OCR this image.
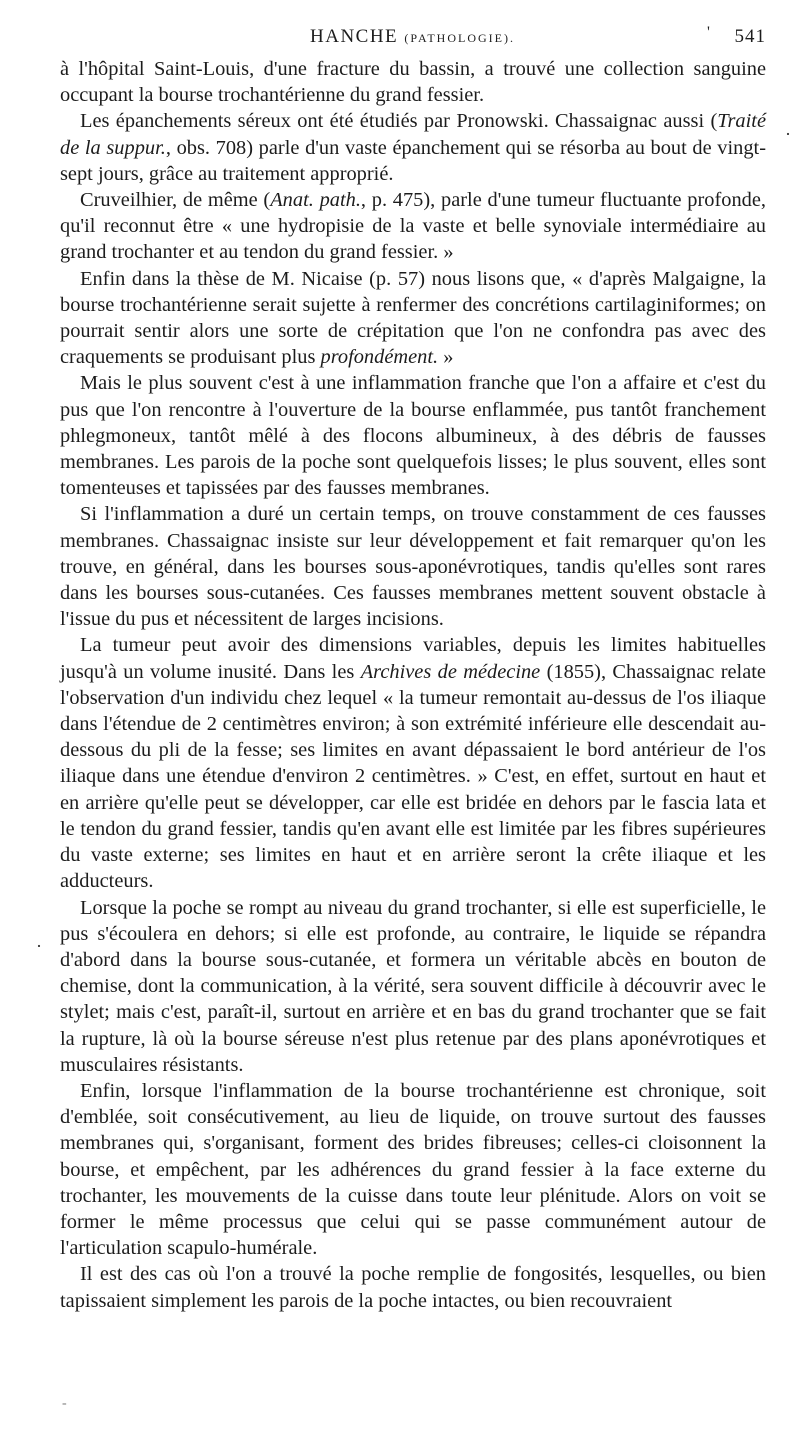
HANCHE (PATHOLOGIE).	' 541

à l'hôpital Saint-Louis, d'une fracture du bassin, a trouvé une collection sanguine occupant la bourse trochantérienne du grand fessier.

Les épanchements séreux ont été étudiés par Pronowski. Chassaignac aussi (Traité de la suppur., obs. 708) parle d'un vaste épanchement qui se résorba au bout de vingt-sept jours, grâce au traitement approprié.

Cruveilhier, de même (Anat. path., p. 475), parle d'une tumeur fluctuante profonde, qu'il reconnut être « une hydropisie de la vaste et belle synoviale intermédiaire au grand trochanter et au tendon du grand fessier. »

Enfin dans la thèse de M. Nicaise (p. 57) nous lisons que, « d'après Malgaigne, la bourse trochantérienne serait sujette à renfermer des concrétions cartilaginiformes; on pourrait sentir alors une sorte de crépitation que l'on ne confondra pas avec des craquements se produisant plus profondément. »

Mais le plus souvent c'est à une inflammation franche que l'on a affaire et c'est du pus que l'on rencontre à l'ouverture de la bourse enflammée, pus tantôt franchement phlegmoneux, tantôt mêlé à des flocons albumineux, à des débris de fausses membranes. Les parois de la poche sont quelquefois lisses; le plus souvent, elles sont tomenteuses et tapissées par des fausses membranes.

Si l'inflammation a duré un certain temps, on trouve constamment de ces fausses membranes. Chassaignac insiste sur leur développement et fait remarquer qu'on les trouve, en général, dans les bourses sous-aponévrotiques, tandis qu'elles sont rares dans les bourses sous-cutanées. Ces fausses membranes mettent souvent obstacle à l'issue du pus et nécessitent de larges incisions.

La tumeur peut avoir des dimensions variables, depuis les limites habituelles jusqu'à un volume inusité. Dans les Archives de médecine (1855), Chassaignac relate l'observation d'un individu chez lequel « la tumeur remontait au-dessus de l'os iliaque dans l'étendue de 2 centimètres environ; à son extrémité inférieure elle descendait au-dessous du pli de la fesse; ses limites en avant dépassaient le bord antérieur de l'os iliaque dans une étendue d'environ 2 centimètres. » C'est, en effet, surtout en haut et en arrière qu'elle peut se développer, car elle est bridée en dehors par le fascia lata et le tendon du grand fessier, tandis qu'en avant elle est limitée par les fibres supérieures du vaste externe; ses limites en haut et en arrière seront la crête iliaque et les adducteurs.

Lorsque la poche se rompt au niveau du grand trochanter, si elle est superficielle, le pus s'écoulera en dehors; si elle est profonde, au contraire, le liquide se répandra d'abord dans la bourse sous-cutanée, et formera un véritable abcès en bouton de chemise, dont la communication, à la vérité, sera souvent difficile à découvrir avec le stylet; mais c'est, paraît-il, surtout en arrière et en bas du grand trochanter que se fait la rupture, là où la bourse séreuse n'est plus retenue par des plans aponévrotiques et musculaires résistants.

Enfin, lorsque l'inflammation de la bourse trochantérienne est chronique, soit d'emblée, soit consécutivement, au lieu de liquide, on trouve surtout des fausses membranes qui, s'organisant, forment des brides fibreuses; celles-ci cloisonnent la bourse, et empêchent, par les adhérences du grand fessier à la face externe du trochanter, les mouvements de la cuisse dans toute leur plénitude. Alors on voit se former le même processus que celui qui se passe communément autour de l'articulation scapulo-humérale.

Il est des cas où l'on a trouvé la poche remplie de fongosités, lesquelles, ou bien tapissaient simplement les parois de la poche intactes, ou bien recouvraient

·
·
-
